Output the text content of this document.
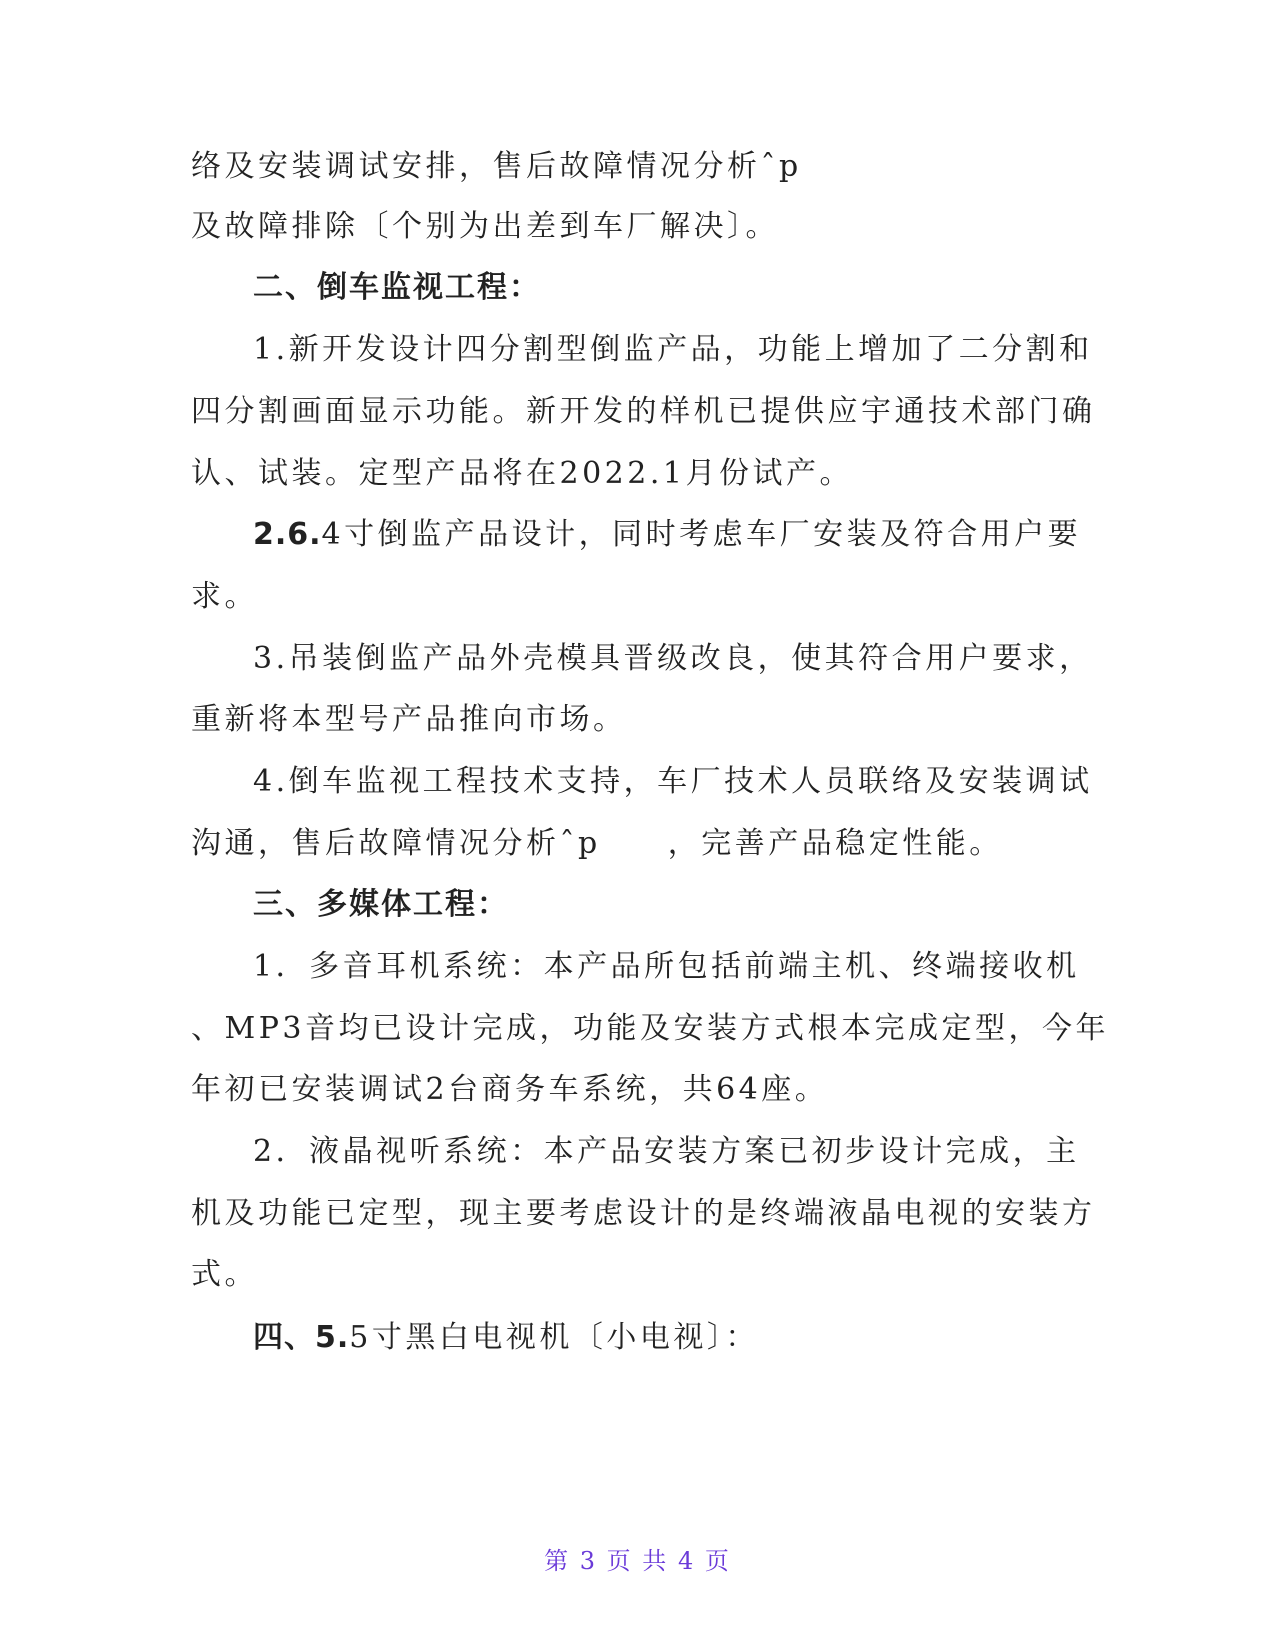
络及安装调试安排，售后故障情况分析ˆp
及故障排除〔个别为出差到车厂解决〕。
二、倒车监视工程：
1.新开发设计四分割型倒监产品，功能上增加了二分割和
四分割画面显示功能。新开发的样机已提供应宇通技术部门确
认、试装。定型产品将在2022.1月份试产。
2.6.4寸倒监产品设计，同时考虑车厂安装及符合用户要
求。
3.吊装倒监产品外壳模具晋级改良，使其符合用户要求，
重新将本型号产品推向市场。
4.倒车监视工程技术支持，车厂技术人员联络及安装调试
沟通，售后故障情况分析ˆp　　，完善产品稳定性能。
三、多媒体工程：
1．多音耳机系统：本产品所包括前端主机、终端接收机
、MP3音均已设计完成，功能及安装方式根本完成定型，今年
年初已安装调试2台商务车系统，共64座。
2．液晶视听系统：本产品安装方案已初步设计完成，主
机及功能已定型，现主要考虑设计的是终端液晶电视的安装方
式。
四、5.5寸黑白电视机〔小电视〕：
第 3 页 共 4 页
